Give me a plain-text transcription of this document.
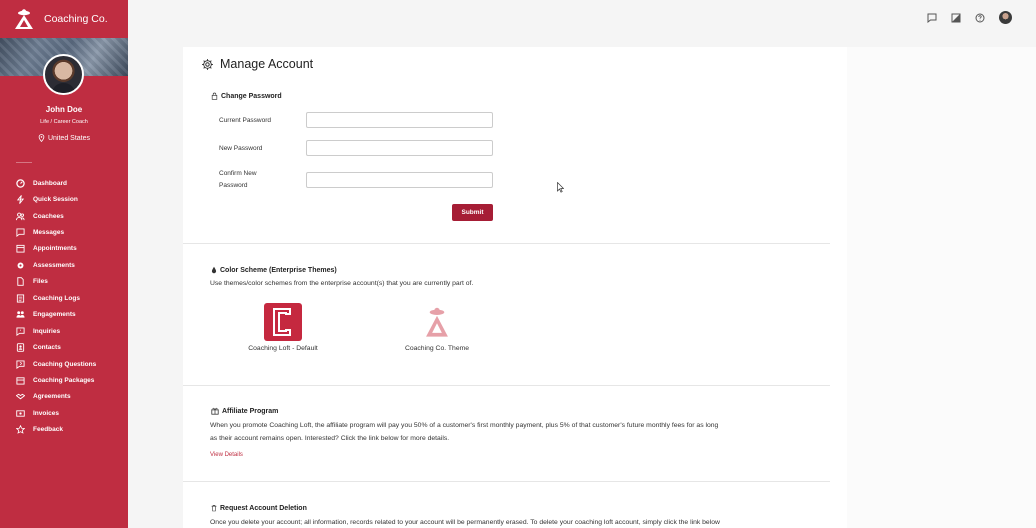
Coaching Co.
John Doe
Life / Career Coach
United States
Dashboard
Quick Session
Coachees
Messages
Appointments
Assessments
Files
Coaching Logs
Engagements
Inquiries
Contacts
Coaching Questions
Coaching Packages
Agreements
Invoices
Feedback
Manage Account
Change Password
Current Password
New Password
Confirm New
Password
Submit
Color Scheme (Enterprise Themes)
Use themes/color schemes from the enterprise account(s) that you are currently part of.
Coaching Loft - Default	Coaching Co. Theme
Affiliate Program
When you promote Coaching Loft, the affiliate program will pay you 50% of a customer's first monthly payment, plus 5% of that customer's future monthly fees for as long
as their account remains open. Interested? Click the link below for more details.
View Details
Request Account Deletion
Once you delete your account; all information, records related to your account will be permanently erased. To delete your coaching loft account, simply click the link below
